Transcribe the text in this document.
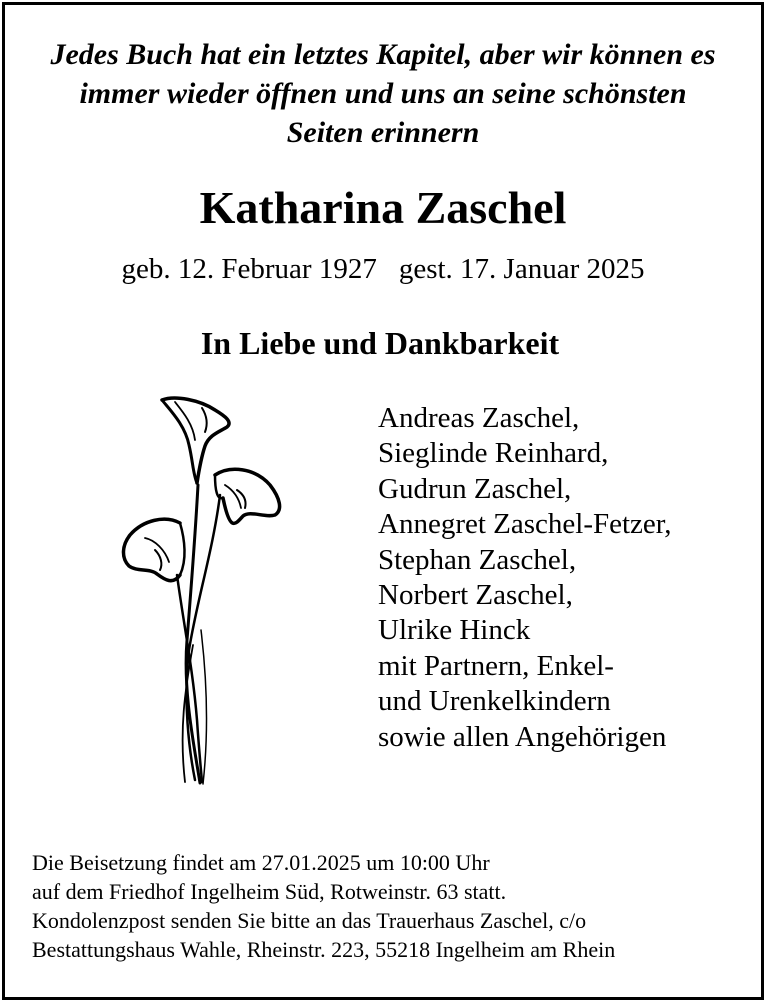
Jedes Buch hat ein letztes Kapitel, aber wir können es
immer wieder öffnen und uns an seine schönsten
Seiten erinnern
Katharina Zaschel
geb. 12. Februar 1927 gest. 17. Januar 2025
In Liebe und Dankbarkeit
Andreas Zaschel,
Sieglinde Reinhard,
Gudrun Zaschel,
Annegret Zaschel-Fetzer,
Stephan Zaschel,
Norbert Zaschel,
Ulrike Hinck
mit Partnern, Enkel-
und Urenkelkindern
sowie allen Angehörigen
Die Beisetzung findet am 27.01.2025 um 10:00 Uhr
auf dem Friedhof Ingelheim Süd, Rotweinstr. 63 statt.
Kondolenzpost senden Sie bitte an das Trauerhaus Zaschel, c/o
Bestattungshaus Wahle, Rheinstr. 223, 55218 Ingelheim am Rhein
